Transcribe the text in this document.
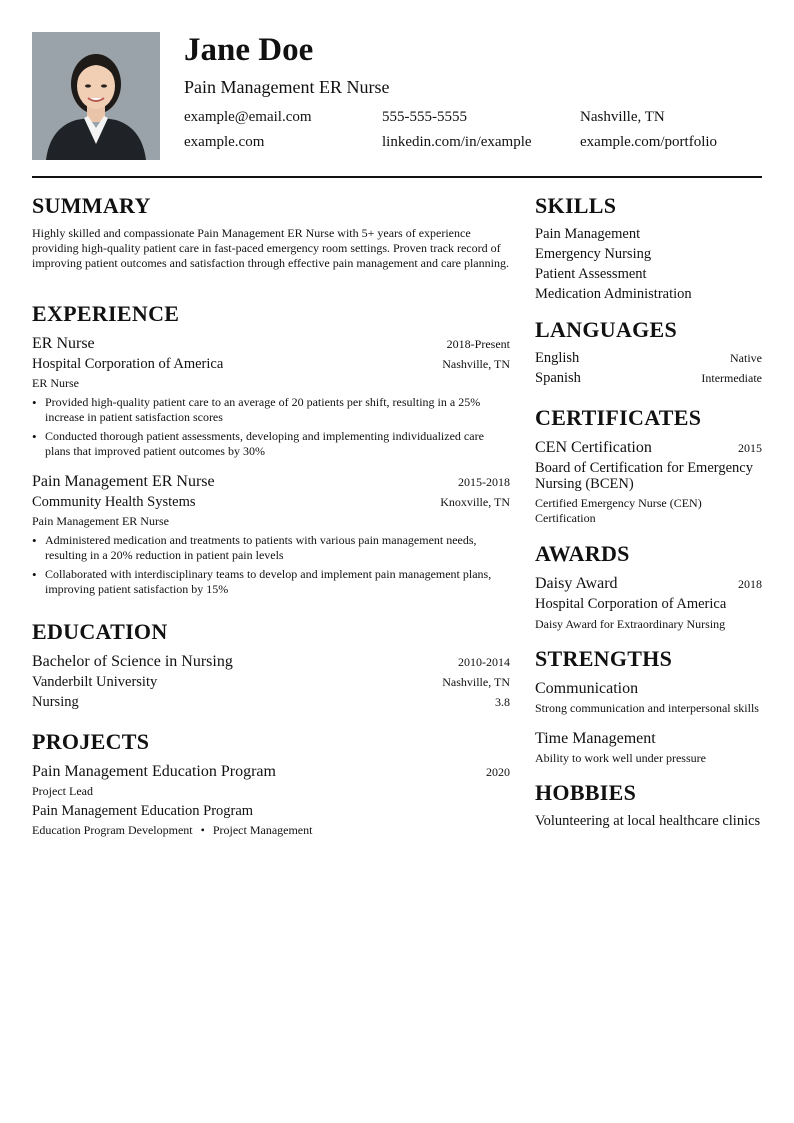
Jane Doe
Pain Management ER Nurse
example@email.com	555-555-5555	Nashville, TN
example.com	linkedin.com/in/example	example.com/portfolio
SUMMARY

Highly skilled and compassionate Pain Management ER Nurse with 5+ years of experience providing high-quality patient care in fast-paced emergency room settings. Proven track record of improving patient outcomes and satisfaction through effective pain management and care planning.

EXPERIENCE
ER Nurse	2018-Present
Hospital Corporation of America	Nashville, TN
ER Nurse
• Provided high-quality patient care to an average of 20 patients per shift, resulting in a 25% increase in patient satisfaction scores
• Conducted thorough patient assessments, developing and implementing individualized care plans that improved patient outcomes by 30%
Pain Management ER Nurse	2015-2018
Community Health Systems	Knoxville, TN
Pain Management ER Nurse
• Administered medication and treatments to patients with various pain management needs, resulting in a 20% reduction in patient pain levels
• Collaborated with interdisciplinary teams to develop and implement pain management plans, improving patient satisfaction by 15%
EDUCATION
Bachelor of Science in Nursing	2010-2014
Vanderbilt University	Nashville, TN
Nursing	3.8
PROJECTS
Pain Management Education Program	2020
Project Lead
Pain Management Education Program
Education Program Development • Project Management
SKILLS
Pain Management
Emergency Nursing
Patient Assessment
Medication Administration
LANGUAGES
English	Native
Spanish	Intermediate
CERTIFICATES
CEN Certification	2015
Board of Certification for Emergency Nursing (BCEN)
Certified Emergency Nurse (CEN) Certification
AWARDS
Daisy Award	2018
Hospital Corporation of America
Daisy Award for Extraordinary Nursing
STRENGTHS
Communication
Strong communication and interpersonal skills
Time Management
Ability to work well under pressure
HOBBIES
Volunteering at local healthcare clinics
